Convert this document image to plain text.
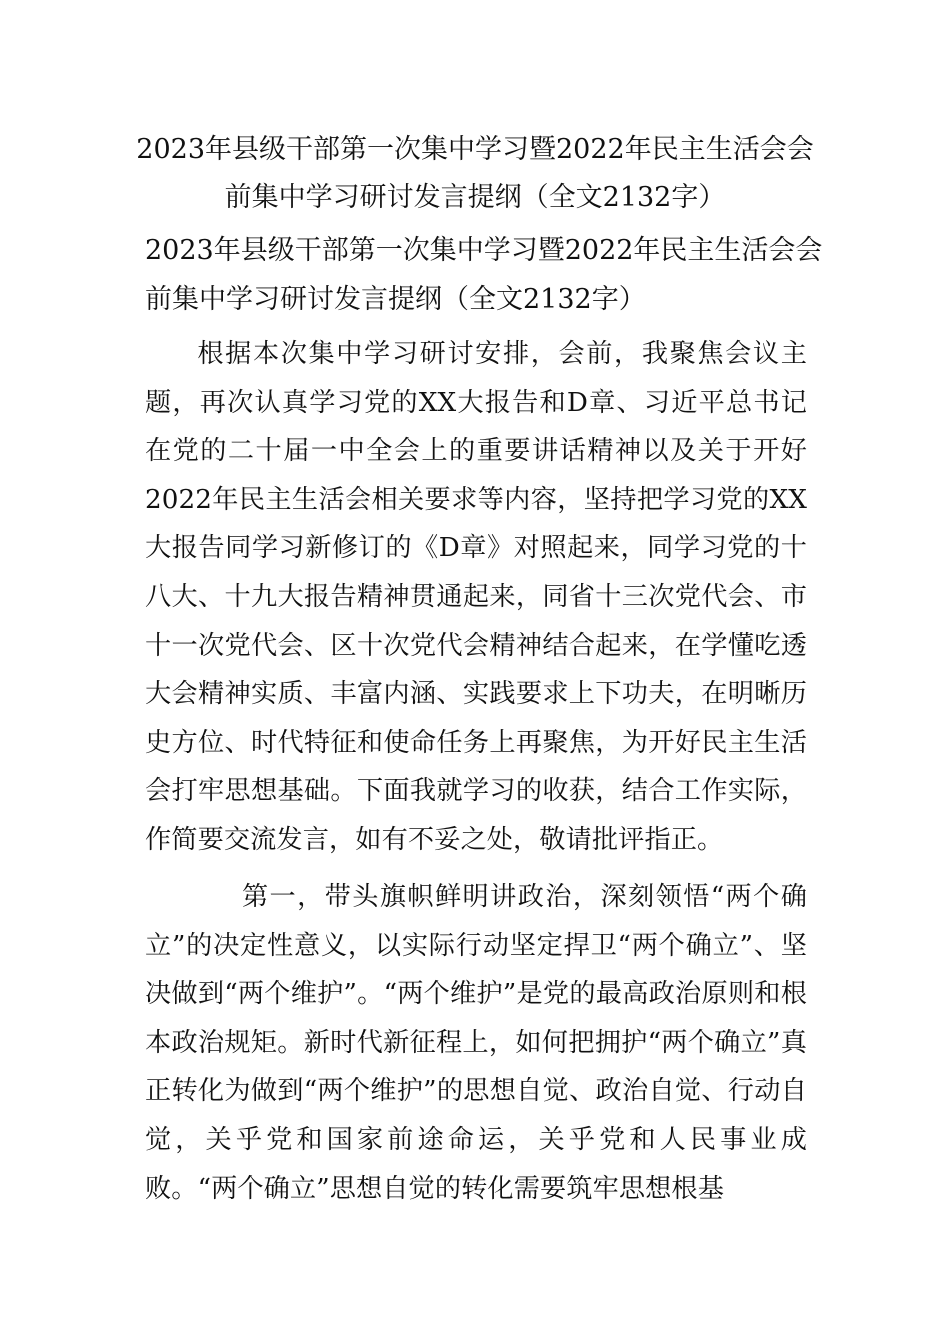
2023年县级干部第一次集中学习暨2022年民主生活会会
前集中学习研讨发言提纲（全文2132字）
2023年县级干部第一次集中学习暨2022年民主生活会会
前集中学习研讨发言提纲（全文2132字）

根据本次集中学习研讨安排，会前，我聚焦会议主题，再次认真学习党的XX大报告和D章、习近平总书记在党的二十届一中全会上的重要讲话精神以及关于开好2022年民主生活会相关要求等内容，坚持把学习党的XX大报告同学习新修订的《D章》对照起来，同学习党的十八大、十九大报告精神贯通起来，同省十三次党代会、市十一次党代会、区十次党代会精神结合起来，在学懂吃透大会精神实质、丰富内涵、实践要求上下功夫，在明晰历史方位、时代特征和使命任务上再聚焦，为开好民主生活会打牢思想基础。下面我就学习的收获，结合工作实际，作简要交流发言，如有不妥之处，敬请批评指正。

第一，带头旗帜鲜明讲政治，深刻领悟“两个确立”的决定性意义，以实际行动坚定捍卫“两个确立”、坚决做到“两个维护”。“两个维护”是党的最高政治原则和根本政治规矩。新时代新征程上，如何把拥护“两个确立”真正转化为做到“两个维护”的思想自觉、政治自觉、行动自觉，关乎党和国家前途命运，关乎党和人民事业成败。“两个确立”思想自觉的转化需要筑牢思想根基
